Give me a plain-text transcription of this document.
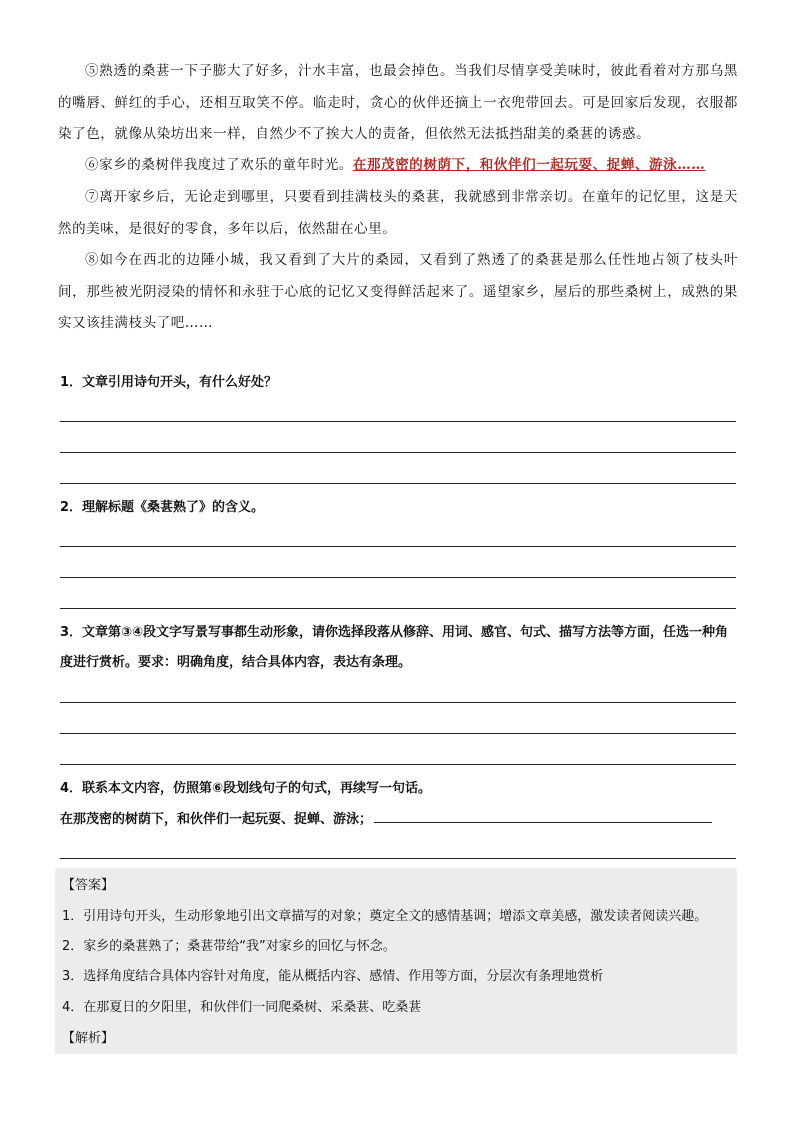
⑤熟透的桑葚一下子膨大了好多，汁水丰富，也最会掉色。当我们尽情享受美味时，彼此看着对方那乌黑的嘴唇、鲜红的手心，还相互取笑不停。临走时，贪心的伙伴还摘上一衣兜带回去。可是回家后发现，衣服都染了色，就像从染坊出来一样，自然少不了挨大人的责备，但依然无法抵挡甜美的桑葚的诱惑。
⑥家乡的桑树伴我度过了欢乐的童年时光。在那茂密的树荫下，和伙伴们一起玩耍、捉蝉、游泳……
⑦离开家乡后，无论走到哪里，只要看到挂满枝头的桑葚，我就感到非常亲切。在童年的记忆里，这是天然的美味，是很好的零食，多年以后，依然甜在心里。
⑧如今在西北的边陲小城，我又看到了大片的桑园，又看到了熟透了的桑葚是那么任性地占领了枝头叶间，那些被光阴浸染的情怀和永驻于心底的记忆又变得鲜活起来了。遥望家乡，屋后的那些桑树上，成熟的果实又该挂满枝头了吧……
1．文章引用诗句开头，有什么好处？
2．理解标题《桑葚熟了》的含义。
3．文章第③④段文字写景写事都生动形象，请你选择段落从修辞、用词、感官、句式、描写方法等方面，任选一种角度进行赏析。要求：明确角度，结合具体内容，表达有条理。
4．联系本文内容，仿照第⑥段划线句子的句式，再续写一句话。
在那茂密的树荫下，和伙伴们一起玩耍、捉蝉、游泳；
【答案】
1．引用诗句开头，生动形象地引出文章描写的对象；奠定全文的感情基调；增添文章美感，激发读者阅读兴趣。
2．家乡的桑葚熟了；桑葚带给“我”对家乡的回忆与怀念。
3．选择角度结合具体内容针对角度，能从概括内容、感情、作用等方面，分层次有条理地赏析
4．在那夏日的夕阳里，和伙伴们一同爬桑树、采桑葚、吃桑葚
【解析】
